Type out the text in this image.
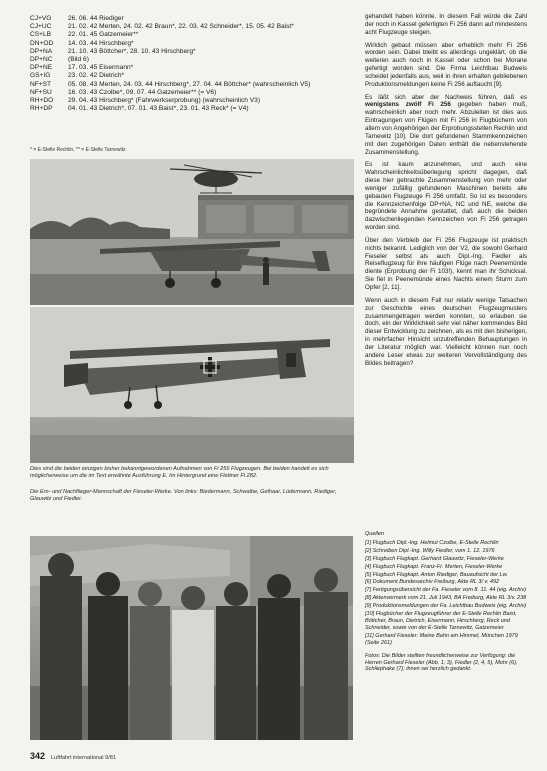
CJ+VG	26. 06. 44 Riediger
CJ+UC	21. 02. 42 Merten, 24. 02. 42 Braun*, 22. 03. 42 Schneider*, 15. 05. 42 Baist*
CS+LB	22. 01. 45 Gatzemeier**
DN+OD	14. 03. 44 Hirschberg*
DP+NA	21. 10. 43 Böttcher*, 28. 10. 43 Hirschberg*
DP+NC	(Bild 6)
DP+NE	17. 03. 45 Eisermann*
GS+IG	23. 02. 42 Dietrich*
NF+ST	05. 08. 43 Merten, 24. 03. 44 Hirschberg*, 27. 04. 44 Böttcher* (wahrscheinlich V5)
NF+SU	16. 03. 43 Czolbe*, 09. 07. 44 Gatzemeier** (= V6)
RH+DO	29. 04. 43 Hirschberg* (Fahrwerkserprobung) (wahrscheinlich V3)
RH+DP	04. 01. 43 Dietrich*, 07. 01. 43 Baist*, 23. 01. 43 Reck* (= V4)
* = E-Stelle Rechlin, ** = E-Stelle Tarnewitz
Dies sind die beiden einzigen bisher bekanntgewordenen Aufnahmen von Fi 256 Flugzeugen. Bei beiden handelt es sich möglicherweise um die im Text erwähnte Ausführung E. Im Hintergrund eine Flettner Fl 282.
Die Ern- und Nachflieger-Mannschaft der Fieseler-Werke. Von links: Biedermann, Schwalbe, Gelhaar, Lüdermann, Riediger, Glauwitz und Fiedler.

gehandelt haben könnte. In diesem Fall würde die Zahl der noch in Kassel gefertigten Fi 256 dann auf mindestens acht Flugzeuge steigen.

Wirklich gebaut müssen aber erheblich mehr Fi 256 worden sein. Dabei bleibt es allerdings ungeklärt, ob die weiteren auch noch in Kassel oder schon bei Morane gefertigt worden sind. Die Firma Leichtbau Budweis scheidet jedenfalls aus, weil in ihren erhalten gebliebenen Produktionsmeldungen keine Fi 256 auftaucht [9].

Es läßt sich aber der Nachweis führen, daß es wenigstens zwölf Fi 256 gegeben haben muß, wahrscheinlich aber noch mehr. Abzuleiten ist dies aus Eintragungen von Flügen mit Fi 256 in Flugbüchern von allem von Angehörigen der Erprobungsstellen Rechlin und Tarnewitz [10]. Die dort gefundenen Stammkennzeichen mit den zugehörigen Daten enthält die nebenstehende Zusammenstellung.

Es ist kaum anzunehmen, und auch eine Wahrscheinlichkeitsüberlegung spricht dagegen, daß diese hier gebrachte Zusammenstellung von mehr oder weniger zufällig gefundenen Maschinen bereits alle gebauten Flugzeuge Fi 256 umfaßt. So ist es besonders die Kennzeichenfolge DP+NA, NC und NE, welche die begründete Annahme gestattet, daß auch die beiden dazwischenliegenden Kennzeichen von Fi 256 getragen worden sind.

Über den Verbleib der Fi 256 Flugzeuge ist praktisch nichts bekannt. Lediglich von der V2, die sowohl Gerhard Fieseler selbst als auch Dipl.-Ing. Fiedler als Reiseflugzeug für ihre häufigen Flüge nach Peenemünde diente (Erprobung der Fi 103!), kennt man ihr Schicksal. Sie fiel in Peenemünde eines Nachts einem Sturm zum Opfer [2, 11].

Wenn auch in diesem Fall nur relativ wenige Tatsachen zur Geschichte eines deutschen Flugzeugmusters zusammengetragen werden konnten, so erlauben sie doch, ein der Wirklichkeit sehr viel näher kommendes Bild dieser Entwicklung zu zeichnen, als es mit den bisherigen, in mehrfacher Hinsicht unzutreffenden Behauptungen in der Literatur möglich war. Vielleicht können nun noch andere Leser etwas zur weiteren Vervollständigung des Bildes beitragen?

Quellen
[1] Flugbuch Dipl.-Ing. Helmut Czolbe, E-Stelle Rechlin
[2] Schreiben Dipl.-Ing. Willy Fiedler, vom 1. 12. 1976
[3] Flugbuch Flugkapt. Gerhard Glauwitz, Fieseler-Werke
[4] Flugbuch Flugkapt. Franz-Fr. Merten, Fieseler-Werke
[5] Flugbuch Flugkapt. Anton Riediger, Bauaufsicht der Lw.
[6] Dokument Bundesarchiv Freiburg, Akte RL 3/ v. 492
[7] Fertigungsübersicht der Fa. Fieseler vom 8. 11. 44 (eig. Archiv)
[8] Aktenvermerk vom 21. Juli 1943, BA Freiburg, Akte RL 3/v. 238
[9] Produktionsmeldungen der Fa. Leichtbau Budweis (eig. Archiv)
[10] Flugbücher der Flugzeugführer der E-Stelle Rechlin Baist, Böttcher, Braun, Dietrich, Eisermann, Hirschberg, Reck und Schneider, sowie von der E-Stelle Tarnewitz, Gatzemeier.
[11] Gerhard Fieseler: Meine Bahn am Himmel, München 1979 (Seite 261)
Fotos: Die Bilder stellten freundlicherweise zur Verfügung: die Herren Gerhard Fieseler (Abb. 1, 3), Fiedler (2, 4, 5), Mohr (6), Schliephake (7); ihnen sei herzlich gedankt.
342 Luftfahrt international 9/81
